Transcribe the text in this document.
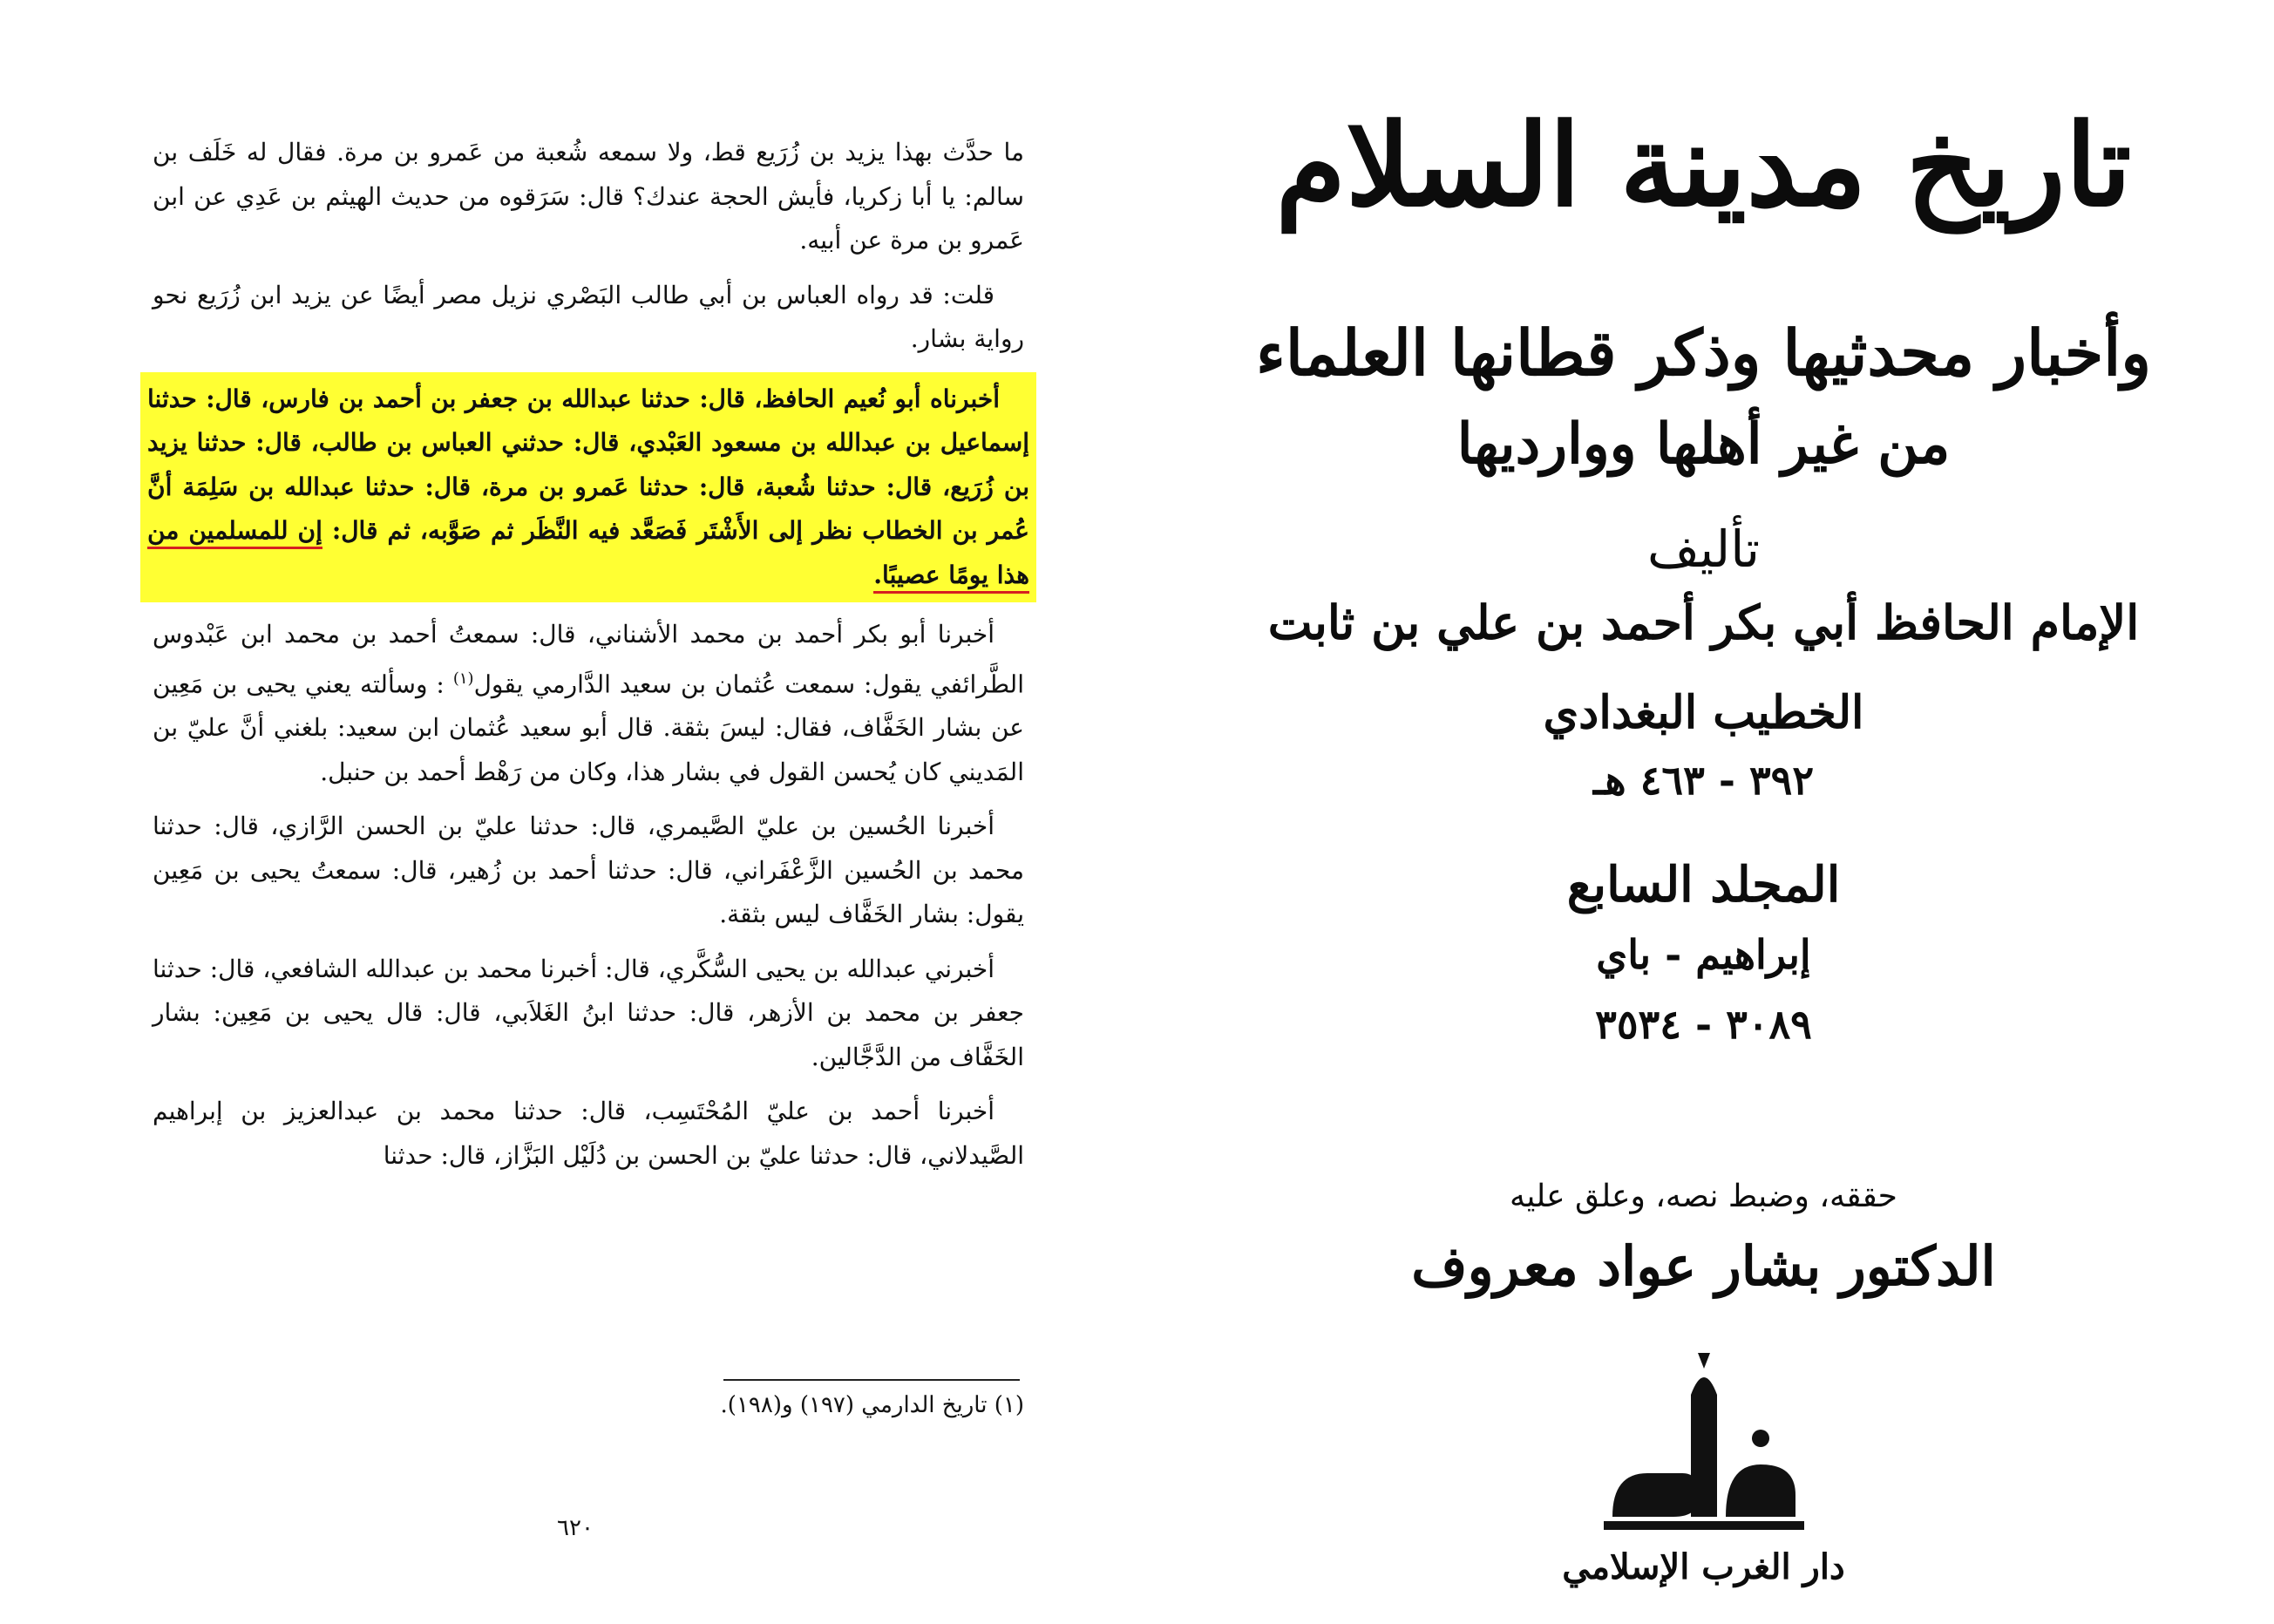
ما حدَّث بهذا يزيد بن زُرَيع قط، ولا سمعه شُعبة من عَمرو بن مرة. فقال له خَلَف بن سالم: يا أبا زكريا، فأيش الحجة عندك؟ قال: سَرَقوه من حديث الهيثم بن عَدِي عن ابن عَمرو بن مرة عن أبيه.

قلت: قد رواه العباس بن أبي طالب البَصْري نزيل مصر أيضًا عن يزيد ابن زُرَيع نحو رواية بشار.

أخبرناه أبو نُعيم الحافظ، قال: حدثنا عبدالله بن جعفر بن أحمد بن فارس، قال: حدثنا إسماعيل بن عبدالله بن مسعود العَبْدي، قال: حدثني العباس بن طالب، قال: حدثنا يزيد بن زُرَيع، قال: حدثنا شُعبة، قال: حدثنا عَمرو بن مرة، قال: حدثنا عبدالله بن سَلِمَة أنَّ عُمر بن الخطاب نظر إلى الأَشْتَر فَصَعَّد فيه النَّظَر ثم صَوَّبه، ثم قال: إن للمسلمين من هذا يومًا عصيبًا.

أخبرنا أبو بكر أحمد بن محمد الأشناني، قال: سمعتُ أحمد بن محمد ابن عَبْدوس الطَّرائفي يقول: سمعت عُثمان بن سعيد الدَّارمي يقول$^{(١)}$ : وسألته يعني يحيى بن مَعِين عن بشار الخَفَّاف، فقال: ليسَ بثقة. قال أبو سعيد عُثمان ابن سعيد: بلغني أنَّ عليّ بن المَديني كان يُحسن القول في بشار هذا، وكان من رَهْط أحمد بن حنبل.

أخبرنا الحُسين بن عليّ الصَّيمري، قال: حدثنا عليّ بن الحسن الرَّازي، قال: حدثنا محمد بن الحُسين الزَّعْفَراني، قال: حدثنا أحمد بن زُهير، قال: سمعتُ يحيى بن مَعِين يقول: بشار الخَفَّاف ليس بثقة.

أخبرني عبدالله بن يحيى السُّكَّري، قال: أخبرنا محمد بن عبدالله الشافعي، قال: حدثنا جعفر بن محمد بن الأزهر، قال: حدثنا ابنُ الغَلاَبي، قال: قال يحيى بن مَعِين: بشار الخَفَّاف من الدَّجَّالين.

أخبرنا أحمد بن عليّ المُحْتَسِب، قال: حدثنا محمد بن عبدالعزيز بن إبراهيم الصَّيدلاني، قال: حدثنا عليّ بن الحسن بن دُلَيْل البَزَّاز، قال: حدثنا

(١) تاريخ الدارمي (١٩٧) و(١٩٨).
٦٢٠
تاريخ مدينة السلام
وأخبار محدثيها وذكر قطانها العلماء
من غير أهلها ووارديها
تأليف
الإمام الحافظ أبي بكر أحمد بن علي بن ثابت
الخطيب البغدادي
٣٩٢ - ٤٦٣ هـ
المجلد السابع
إبراهيم - باي
٣٠٨٩ - ٣٥٣٤
حققه، وضبط نصه، وعلق عليه
الدكتور بشار عواد معروف
دار الغرب الإسلامي
